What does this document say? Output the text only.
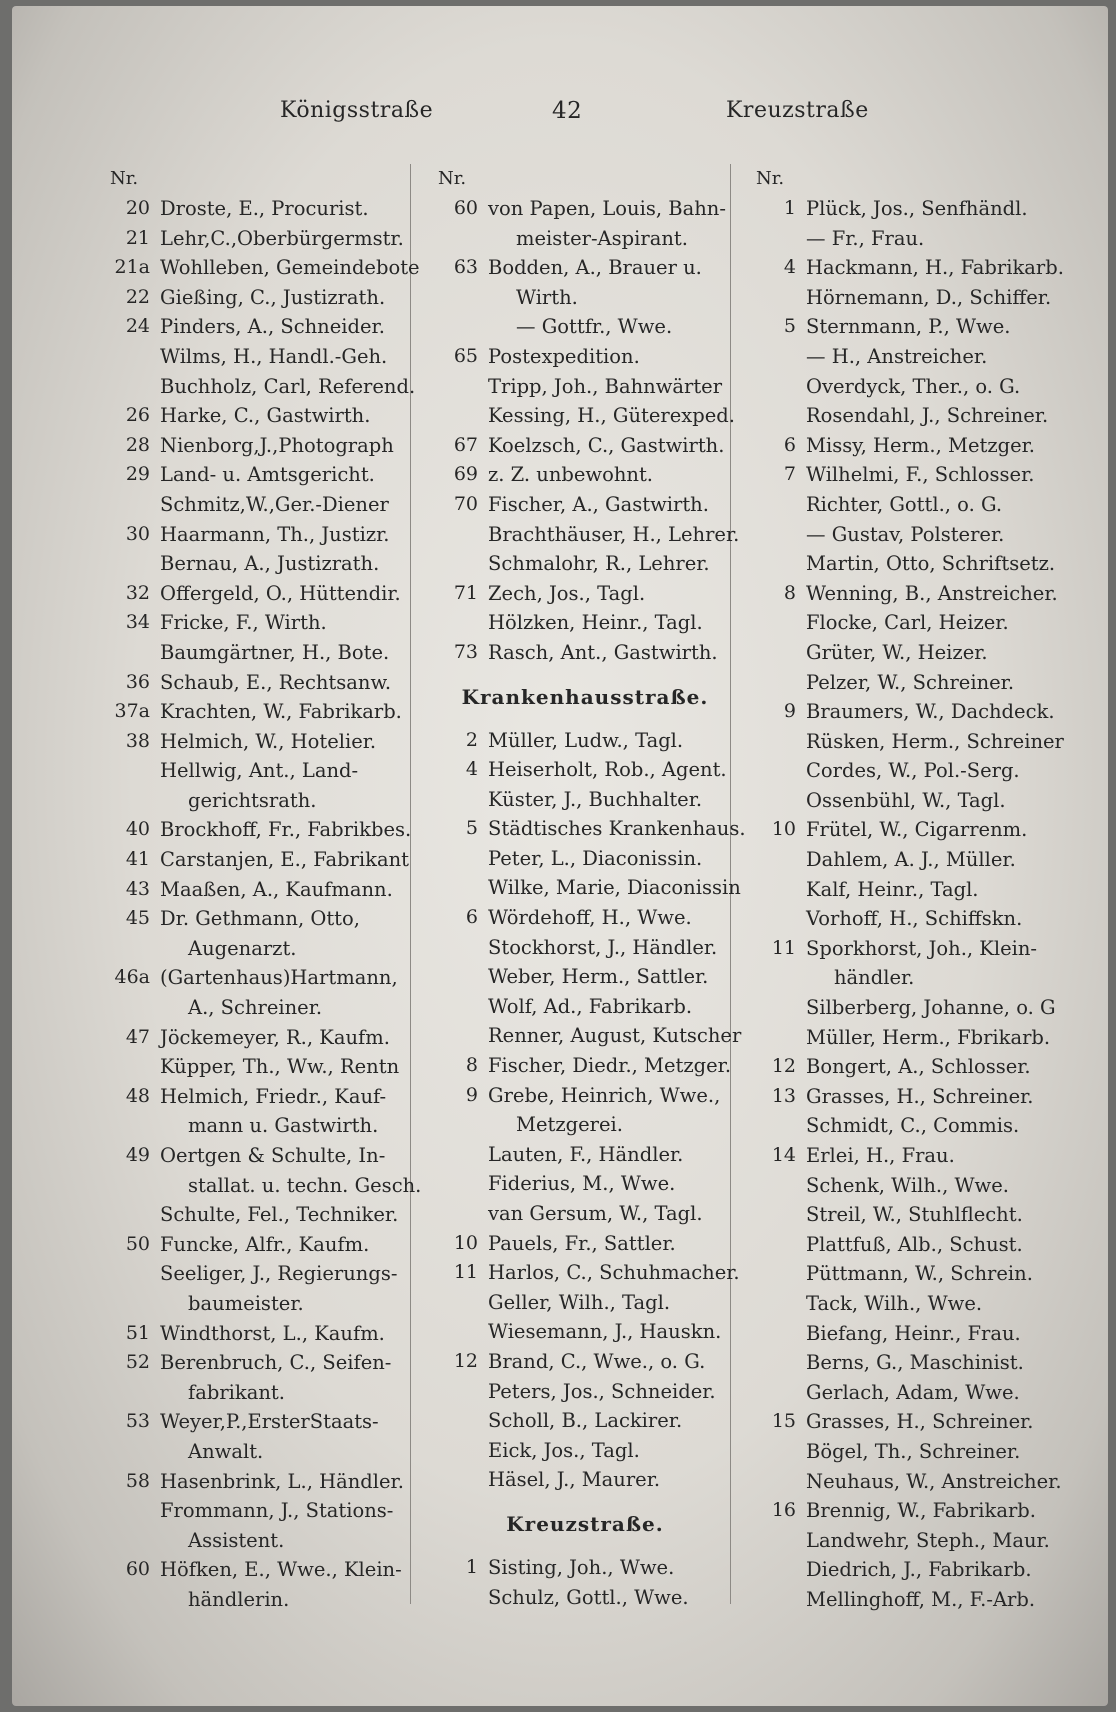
Königsstraße	42	Kreuzstraße
Nr.
20 Droste, E., Procurist.
21 Lehr,C.,Oberbürgermstr.
21a Wohlleben, Gemeindebote
22 Gießing, C., Justizrath.
24 Pinders, A., Schneider.
Wilms, H., Handl.-Geh.
Buchholz, Carl, Referend.
26 Harke, C., Gastwirth.
28 Nienborg,J.,Photograph
29 Land- u. Amtsgericht.
Schmitz,W.,Ger.-Diener
30 Haarmann, Th., Justizr.
Bernau, A., Justizrath.
32 Offergeld, O., Hüttendir.
34 Fricke, F., Wirth.
Baumgärtner, H., Bote.
36 Schaub, E., Rechtsanw.
37a Krachten, W., Fabrikarb.
38 Helmich, W., Hotelier.
Hellwig, Ant., Land-
gerichtsrath.
40 Brockhoff, Fr., Fabrikbes.
41 Carstanjen, E., Fabrikant
43 Maaßen, A., Kaufmann.
45 Dr. Gethmann, Otto,
Augenarzt.
46a (Gartenhaus)Hartmann,
A., Schreiner.
47 Jöckemeyer, R., Kaufm.
Küpper, Th., Ww., Rentn
48 Helmich, Friedr., Kauf-
mann u. Gastwirth.
49 Oertgen & Schulte, In-
stallat. u. techn. Gesch.
Schulte, Fel., Techniker.
50 Funcke, Alfr., Kaufm.
Seeliger, J., Regierungs-
baumeister.
51 Windthorst, L., Kaufm.
52 Berenbruch, C., Seifen-
fabrikant.
53 Weyer,P.,ErsterStaats-
Anwalt.
58 Hasenbrink, L., Händler.
Frommann, J., Stations-
Assistent.
60 Höfken, E., Wwe., Klein-
händlerin.
Nr.
60 von Papen, Louis, Bahn-
meister-Aspirant.
63 Bodden, A., Brauer u.
Wirth.
— Gottfr., Wwe.
65 Postexpedition.
Tripp, Joh., Bahnwärter
Kessing, H., Güterexped.
67 Koelzsch, C., Gastwirth.
69 z. Z. unbewohnt.
70 Fischer, A., Gastwirth.
Brachthäuser, H., Lehrer.
Schmalohr, R., Lehrer.
71 Zech, Jos., Tagl.
Hölzken, Heinr., Tagl.
73 Rasch, Ant., Gastwirth.
Krankenhausstraße.
2 Müller, Ludw., Tagl.
4 Heiserholt, Rob., Agent.
Küster, J., Buchhalter.
5 Städtisches Krankenhaus.
Peter, L., Diaconissin.
Wilke, Marie, Diaconissin
6 Wördehoff, H., Wwe.
Stockhorst, J., Händler.
Weber, Herm., Sattler.
Wolf, Ad., Fabrikarb.
Renner, August, Kutscher
8 Fischer, Diedr., Metzger.
9 Grebe, Heinrich, Wwe.,
Metzgerei.
Lauten, F., Händler.
Fiderius, M., Wwe.
van Gersum, W., Tagl.
10 Pauels, Fr., Sattler.
11 Harlos, C., Schuhmacher.
Geller, Wilh., Tagl.
Wiesemann, J., Hauskn.
12 Brand, C., Wwe., o. G.
Peters, Jos., Schneider.
Scholl, B., Lackirer.
Eick, Jos., Tagl.
Häsel, J., Maurer.
Kreuzstraße.
1 Sisting, Joh., Wwe.
Schulz, Gottl., Wwe.
Nr.
1 Plück, Jos., Senfhändl.
— Fr., Frau.
4 Hackmann, H., Fabrikarb.
Hörnemann, D., Schiffer.
5 Sternmann, P., Wwe.
— H., Anstreicher.
Overdyck, Ther., o. G.
Rosendahl, J., Schreiner.
6 Missy, Herm., Metzger.
7 Wilhelmi, F., Schlosser.
Richter, Gottl., o. G.
— Gustav, Polsterer.
Martin, Otto, Schriftsetz.
8 Wenning, B., Anstreicher.
Flocke, Carl, Heizer.
Grüter, W., Heizer.
Pelzer, W., Schreiner.
9 Braumers, W., Dachdeck.
Rüsken, Herm., Schreiner
Cordes, W., Pol.-Serg.
Ossenbühl, W., Tagl.
10 Frütel, W., Cigarrenm.
Dahlem, A. J., Müller.
Kalf, Heinr., Tagl.
Vorhoff, H., Schiffskn.
11 Sporkhorst, Joh., Klein-
händler.
Silberberg, Johanne, o. G
Müller, Herm., Fbrikarb.
12 Bongert, A., Schlosser.
13 Grasses, H., Schreiner.
Schmidt, C., Commis.
14 Erlei, H., Frau.
Schenk, Wilh., Wwe.
Streil, W., Stuhlflecht.
Plattfuß, Alb., Schust.
Püttmann, W., Schrein.
Tack, Wilh., Wwe.
Biefang, Heinr., Frau.
Berns, G., Maschinist.
Gerlach, Adam, Wwe.
15 Grasses, H., Schreiner.
Bögel, Th., Schreiner.
Neuhaus, W., Anstreicher.
16 Brennig, W., Fabrikarb.
Landwehr, Steph., Maur.
Diedrich, J., Fabrikarb.
Mellinghoff, M., F.-Arb.
